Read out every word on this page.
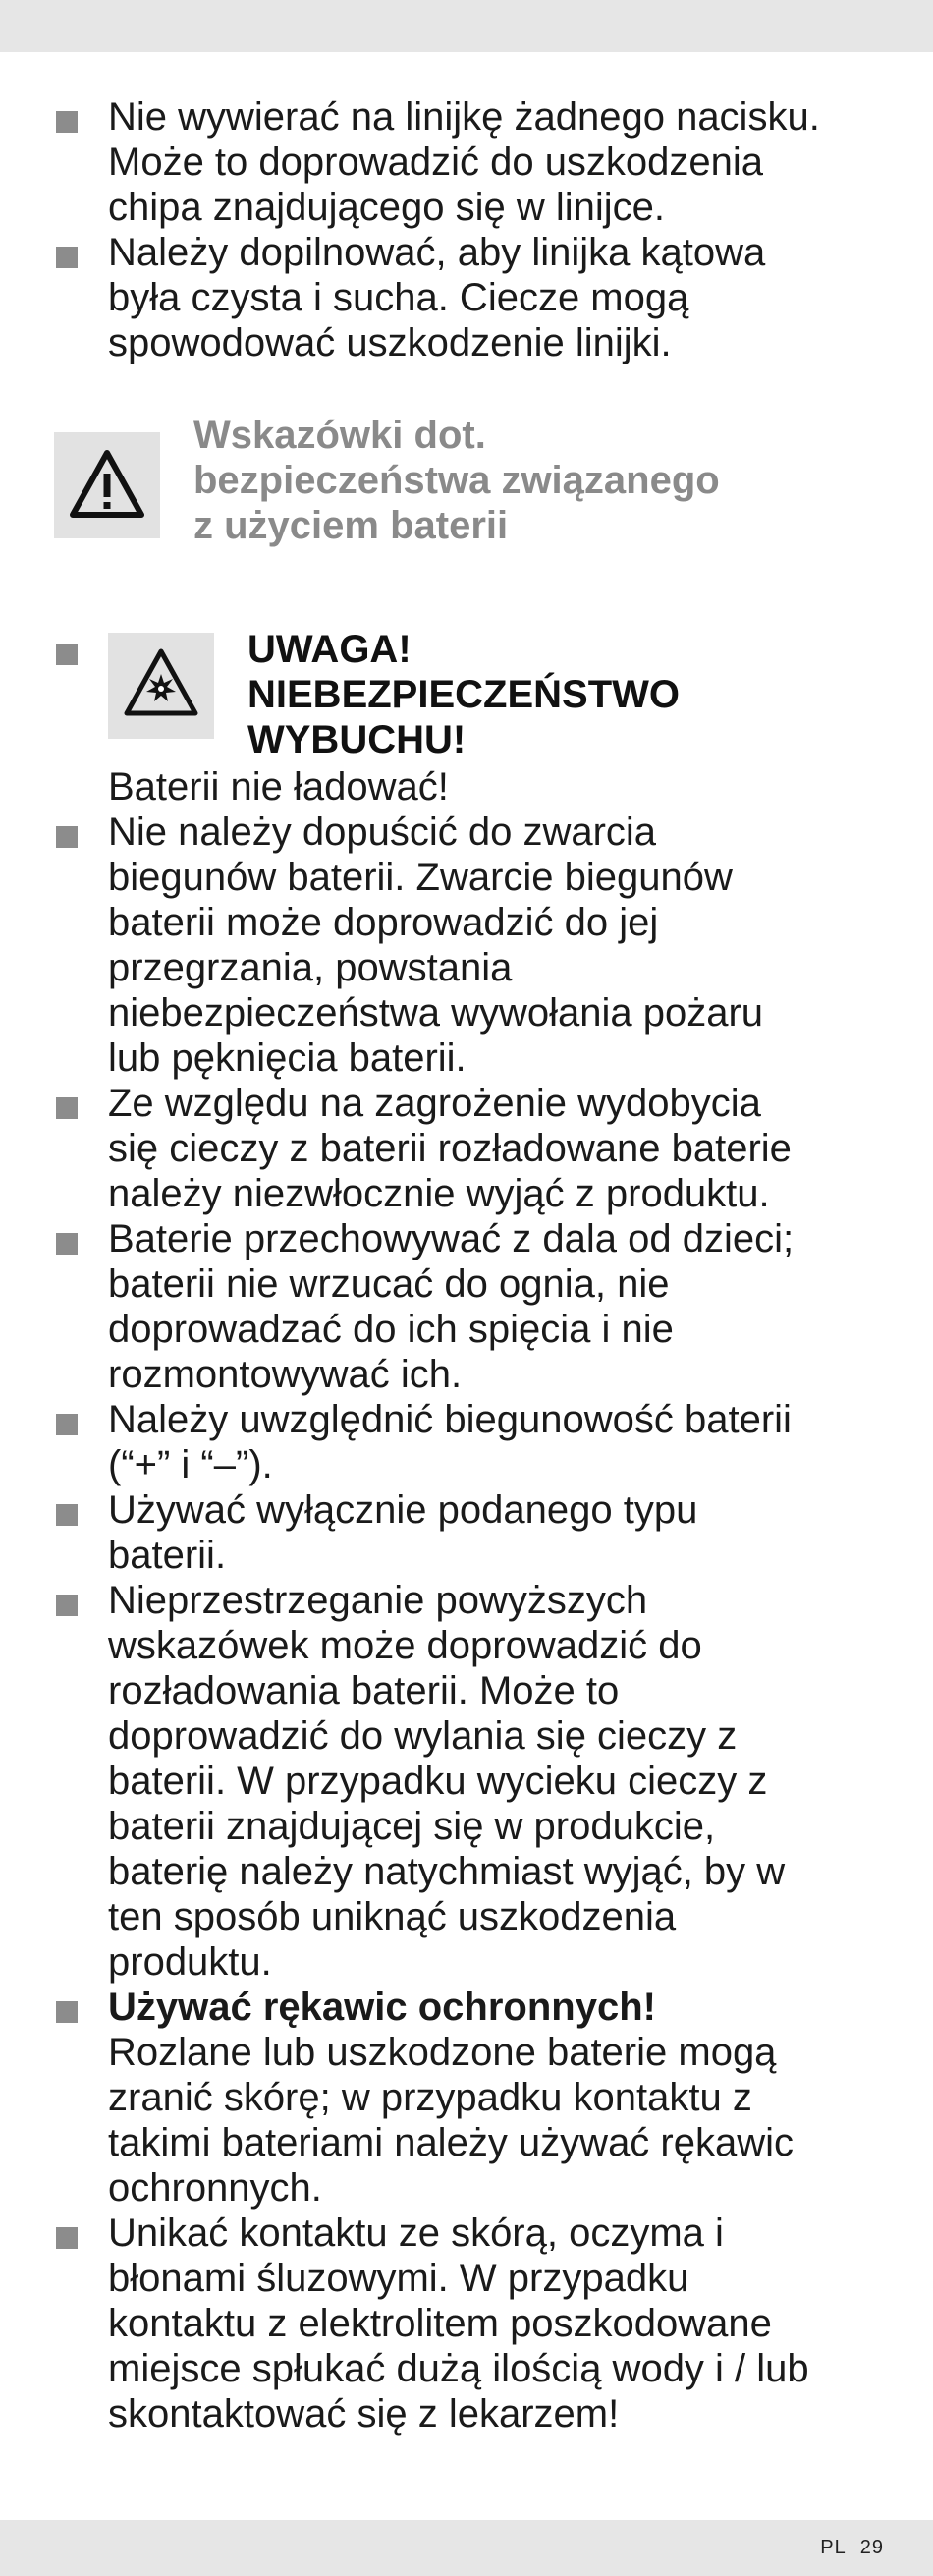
Nie wywierać na linijkę żadnego nacisku.
Może to doprowadzić do uszkodzenia
chipa znajdującego się w linijce.
Należy dopilnować, aby linijka kątowa
była czysta i sucha. Ciecze mogą
spowodować uszkodzenie linijki.
Wskazówki dot.
bezpieczeństwa związanego
z użyciem baterii
UWAGA!
NIEBEZPIECZEŃSTWO
WYBUCHU!
Baterii nie ładować!
Nie należy dopuścić do zwarcia
biegunów baterii. Zwarcie biegunów
baterii może doprowadzić do jej
przegrzania, powstania
niebezpieczeństwa wywołania pożaru
lub pęknięcia baterii.
Ze względu na zagrożenie wydobycia
się cieczy z baterii rozładowane baterie
należy niezwłocznie wyjąć z produktu.
Baterie przechowywać z dala od dzieci;
baterii nie wrzucać do ognia, nie
doprowadzać do ich spięcia i nie
rozmontowywać ich.
Należy uwzględnić biegunowość baterii
(“+” i “–”).
Używać wyłącznie podanego typu
baterii.
Nieprzestrzeganie powyższych
wskazówek może doprowadzić do
rozładowania baterii. Może to
doprowadzić do wylania się cieczy z
baterii. W przypadku wycieku cieczy z
baterii znajdującej się w produkcie,
baterię należy natychmiast wyjąć, by w
ten sposób uniknąć uszkodzenia
produktu.
Używać rękawic ochronnych!
Rozlane lub uszkodzone baterie mogą
zranić skórę; w przypadku kontaktu z
takimi bateriami należy używać rękawic
ochronnych.
Unikać kontaktu ze skórą, oczyma i
błonami śluzowymi. W przypadku
kontaktu z elektrolitem poszkodowane
miejsce spłukać dużą ilością wody i / lub
skontaktować się z lekarzem!
PL 29
